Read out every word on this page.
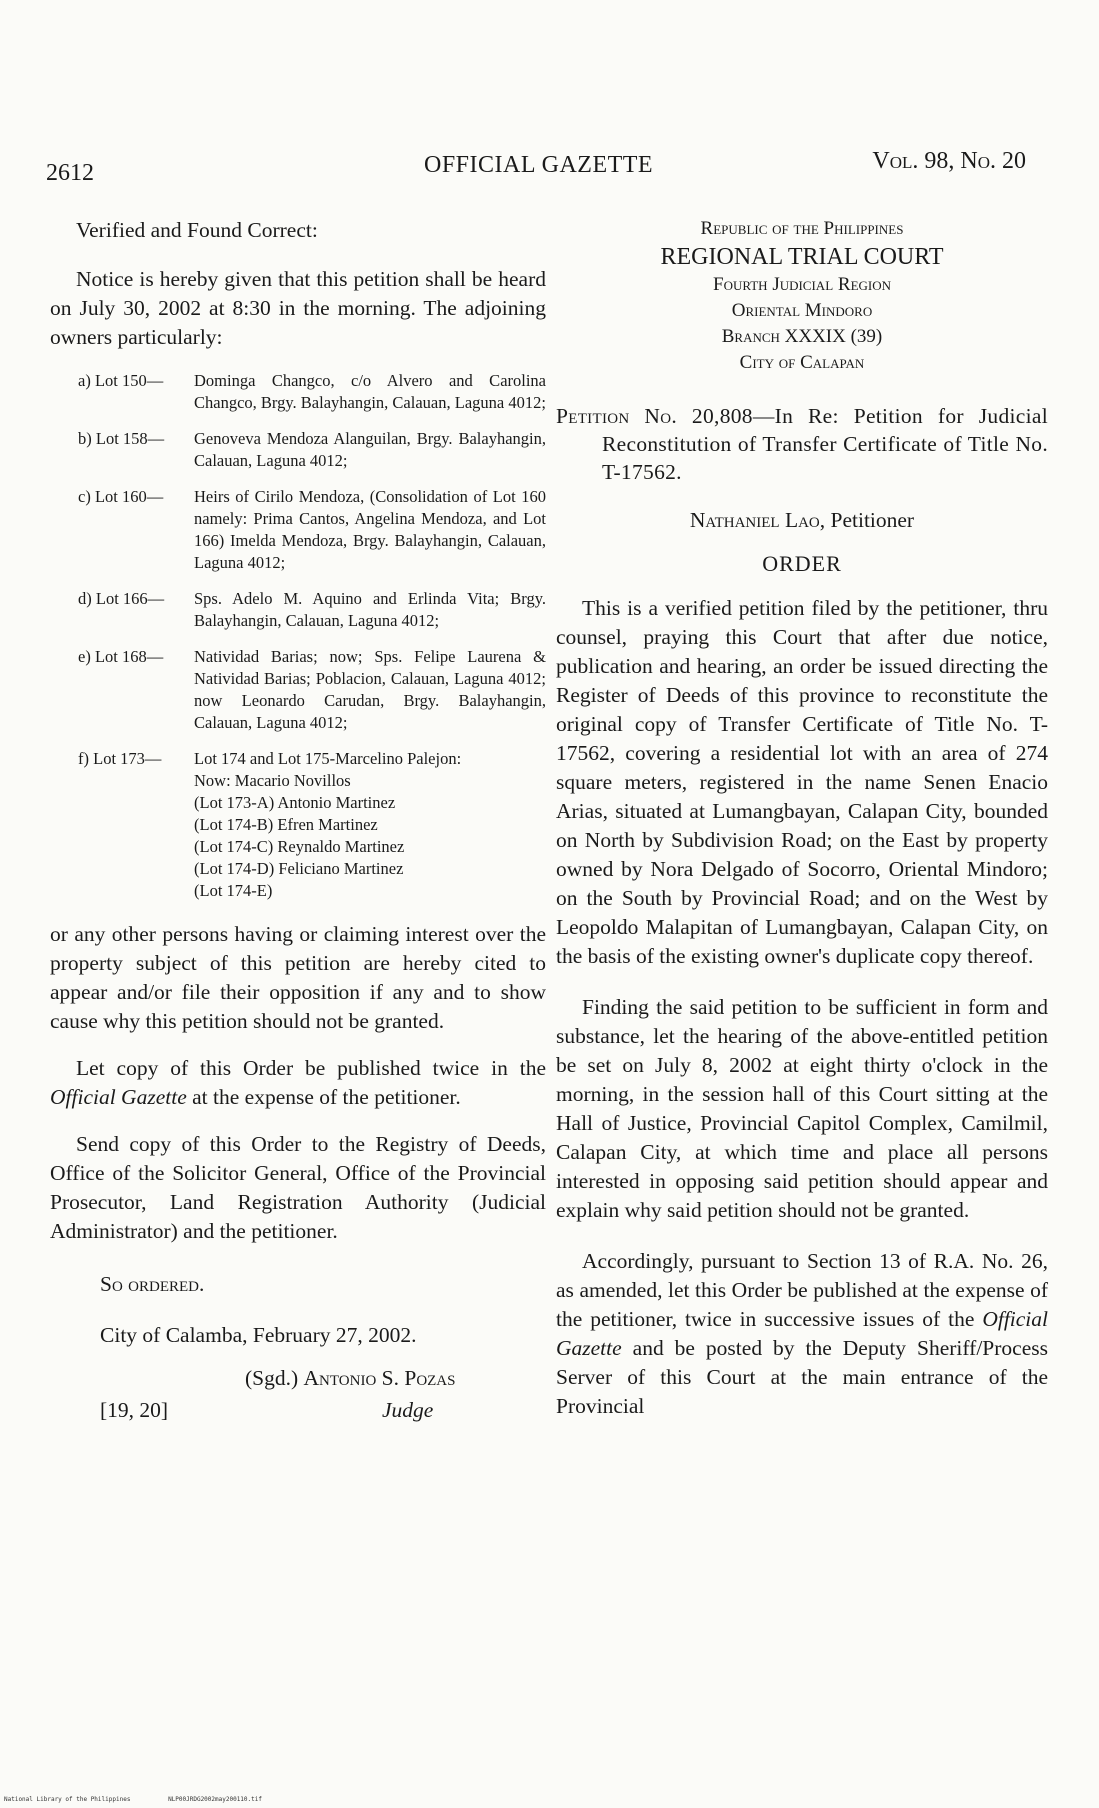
2612	OFFICIAL GAZETTE	Vol. 98, No. 20

Verified and Found Correct:

Notice is hereby given that this petition shall be heard on July 30, 2002 at 8:30 in the morning. The adjoining owners particularly:

a) Lot 150—	Dominga Changco, c/o Alvero and Carolina Changco, Brgy. Balayhangin, Calauan, Laguna 4012;
b) Lot 158—	Genoveva Mendoza Alanguilan, Brgy. Balayhangin, Calauan, Laguna 4012;
c) Lot 160—	Heirs of Cirilo Mendoza, (Consolidation of Lot 160 namely: Prima Cantos, Angelina Mendoza, and Lot 166) Imelda Mendoza, Brgy. Balayhangin, Calauan, Laguna 4012;
d) Lot 166—	Sps. Adelo M. Aquino and Erlinda Vita; Brgy. Balayhangin, Calauan, Laguna 4012;
e) Lot 168—	Natividad Barias; now; Sps. Felipe Laurena & Natividad Barias; Poblacion, Calauan, Laguna 4012; now Leonardo Carudan, Brgy. Balayhangin, Calauan, Laguna 4012;
f) Lot 173—	Lot 174 and Lot 175-Marcelino Palejon:
Now: Macario Novillos
(Lot 173-A) Antonio Martinez
(Lot 174-B) Efren Martinez
(Lot 174-C) Reynaldo Martinez
(Lot 174-D) Feliciano Martinez
(Lot 174-E)

or any other persons having or claiming interest over the property subject of this petition are hereby cited to appear and/or file their opposition if any and to show cause why this petition should not be granted.

Let copy of this Order be published twice in the Official Gazette at the expense of the petitioner.

Send copy of this Order to the Registry of Deeds, Office of the Solicitor General, Office of the Provincial Prosecutor, Land Registration Authority (Judicial Administrator) and the petitioner.

So ordered.
City of Calamba, February 27, 2002.
(Sgd.) Antonio S. Pozas
[19, 20]	Judge
Republic of the Philippines
REGIONAL TRIAL COURT
Fourth Judicial Region
Oriental Mindoro
Branch XXXIX (39)
City of Calapan

Petition No. 20,808—In Re: Petition for Judicial Reconstitution of Transfer Certificate of Title No. T-17562.

Nathaniel Lao, Petitioner
ORDER

This is a verified petition filed by the petitioner, thru counsel, praying this Court that after due notice, publication and hearing, an order be issued directing the Register of Deeds of this province to reconstitute the original copy of Transfer Certificate of Title No. T-17562, covering a residential lot with an area of 274 square meters, registered in the name Senen Enacio Arias, situated at Lumangbayan, Calapan City, bounded on North by Subdivision Road; on the East by property owned by Nora Delgado of Socorro, Oriental Mindoro; on the South by Provincial Road; and on the West by Leopoldo Malapitan of Lumangbayan, Calapan City, on the basis of the existing owner's duplicate copy thereof.

Finding the said petition to be sufficient in form and substance, let the hearing of the above-entitled petition be set on July 8, 2002 at eight thirty o'clock in the morning, in the session hall of this Court sitting at the Hall of Justice, Provincial Capitol Complex, Camilmil, Calapan City, at which time and place all persons interested in opposing said petition should appear and explain why said petition should not be granted.

Accordingly, pursuant to Section 13 of R.A. No. 26, as amended, let this Order be published at the expense of the petitioner, twice in successive issues of the Official Gazette and be posted by the Deputy Sheriff/Process Server of this Court at the main entrance of the Provincial

National Library of the Philippines	NLP00JRDG2002may200110.tif
